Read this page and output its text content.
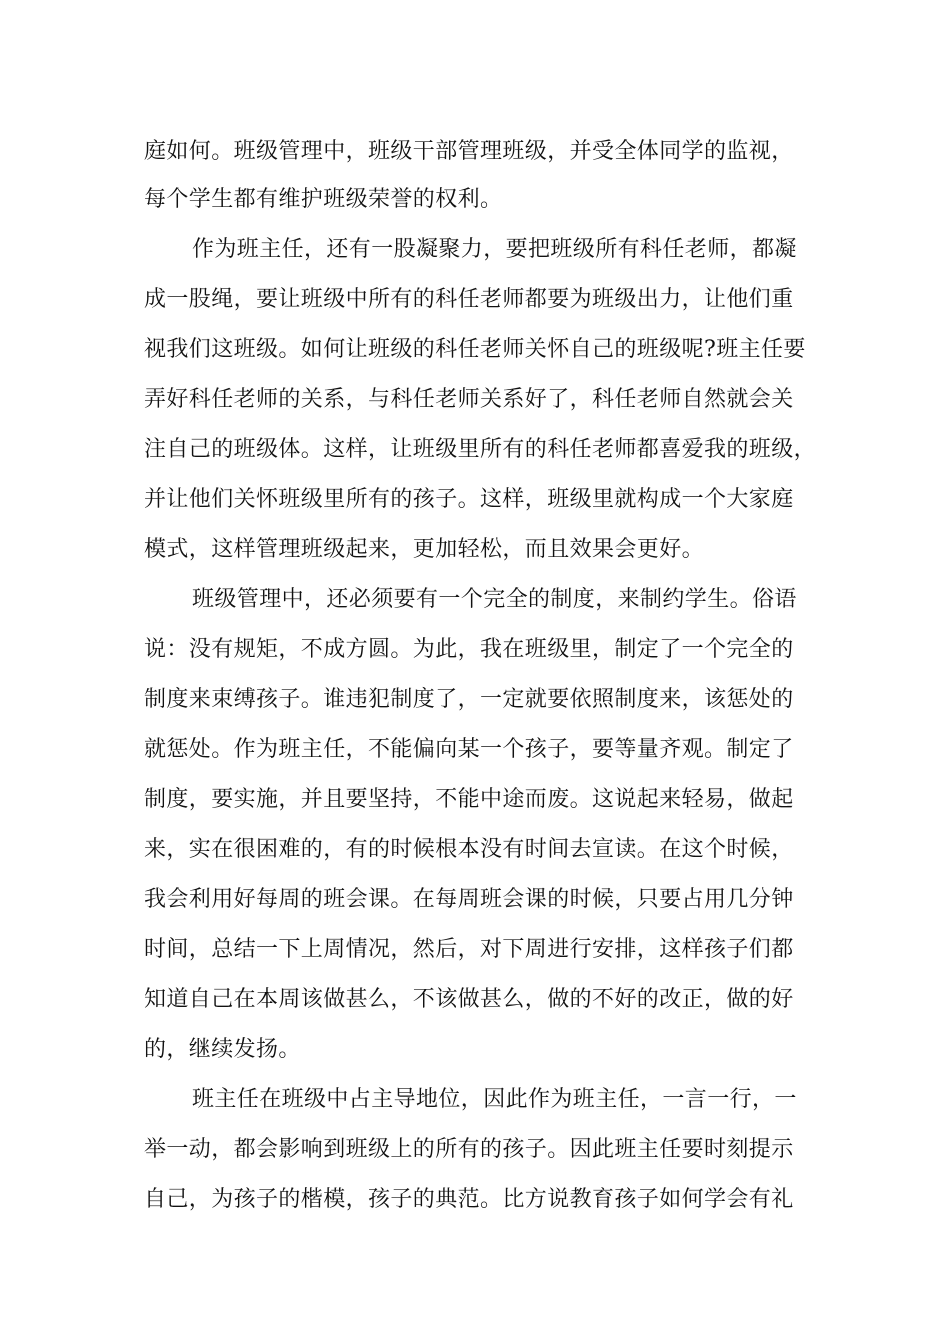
庭如何。班级管理中，班级干部管理班级，并受全体同学的监视，
每个学生都有维护班级荣誉的权利。
作为班主任，还有一股凝聚力，要把班级所有科任老师，都凝
成一股绳，要让班级中所有的科任老师都要为班级出力，让他们重
视我们这班级。如何让班级的科任老师关怀自己的班级呢?班主任要
弄好科任老师的关系，与科任老师关系好了，科任老师自然就会关
注自己的班级体。这样，让班级里所有的科任老师都喜爱我的班级，
并让他们关怀班级里所有的孩子。这样，班级里就构成一个大家庭
模式，这样管理班级起来，更加轻松，而且效果会更好。
班级管理中，还必须要有一个完全的制度，来制约学生。俗语
说：没有规矩，不成方圆。为此，我在班级里，制定了一个完全的
制度来束缚孩子。谁违犯制度了，一定就要依照制度来，该惩处的
就惩处。作为班主任，不能偏向某一个孩子，要等量齐观。制定了
制度，要实施，并且要坚持，不能中途而废。这说起来轻易，做起
来，实在很困难的，有的时候根本没有时间去宣读。在这个时候，
我会利用好每周的班会课。在每周班会课的时候，只要占用几分钟
时间，总结一下上周情况，然后，对下周进行安排，这样孩子们都
知道自己在本周该做甚么，不该做甚么，做的不好的改正，做的好
的，继续发扬。
班主任在班级中占主导地位，因此作为班主任，一言一行，一
举一动，都会影响到班级上的所有的孩子。因此班主任要时刻提示
自己，为孩子的楷模，孩子的典范。比方说教育孩子如何学会有礼
